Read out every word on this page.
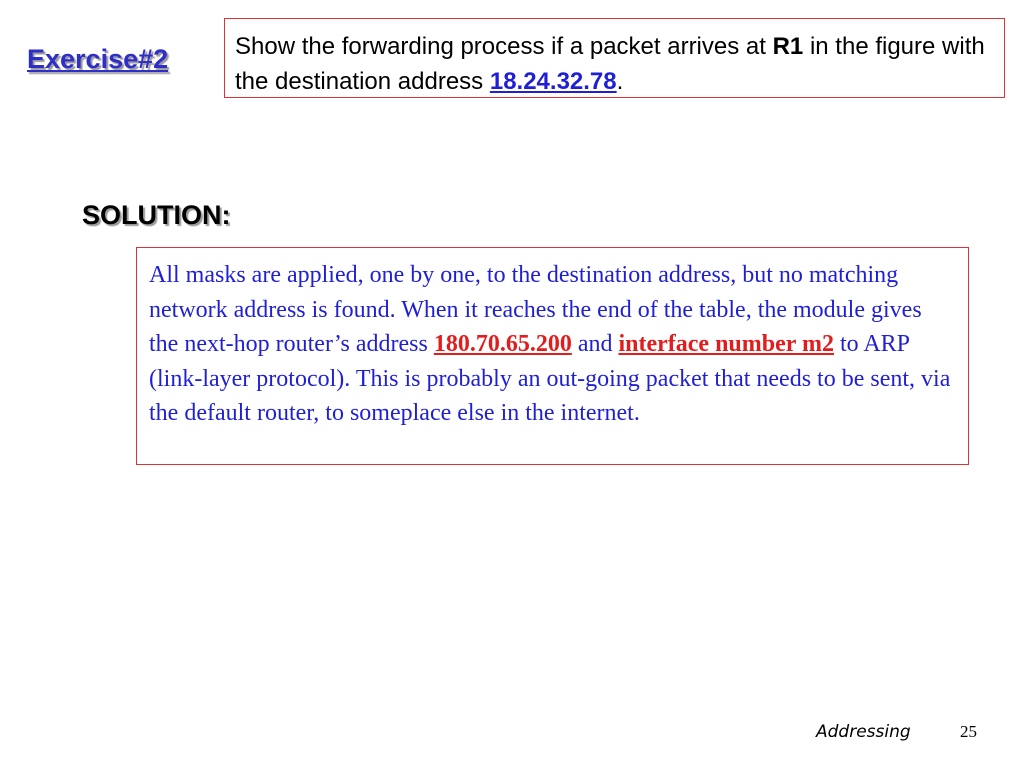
Exercise#2	Show the forwarding process if a packet arrives at R1 in the figure with the destination address 18.24.32.78.
SOLUTION:
All masks are applied, one by one, to the destination address, but no matching network address is found. When it reaches the end of the table, the module gives the next-hop router’s address 180.70.65.200 and interface number m2 to ARP (link-layer protocol). This is probably an out-going packet that needs to be sent, via the default router, to someplace else in the internet.
Addressing	25
